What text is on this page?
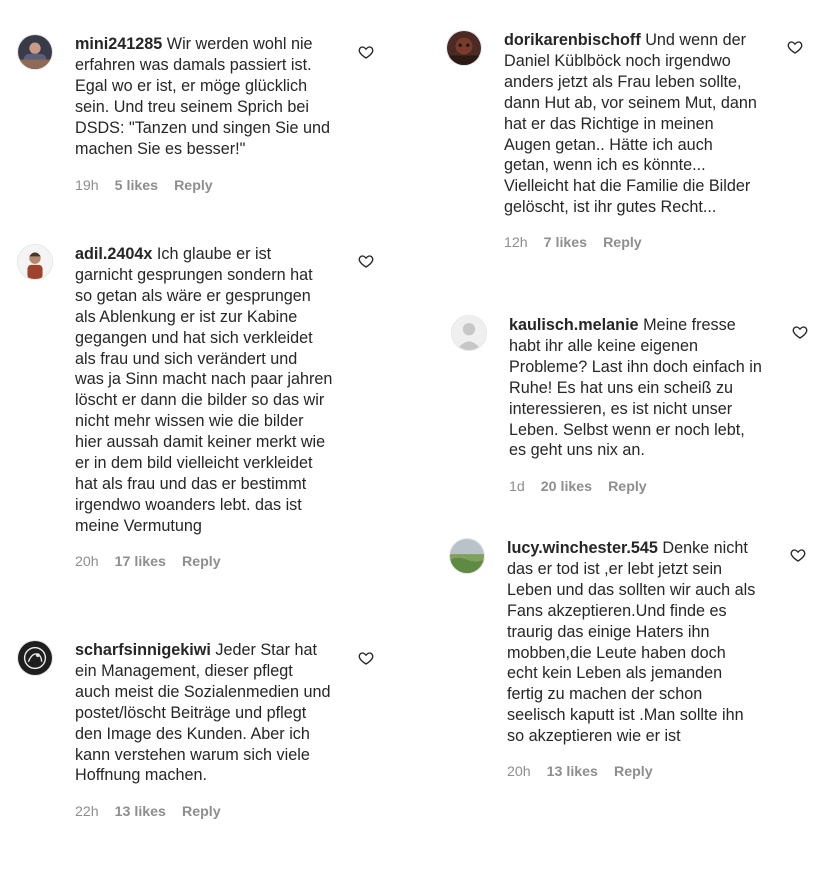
mini241285 Wir werden wohl nie
erfahren was damals passiert ist.
Egal wo er ist, er möge glücklich
sein. Und treu seinem Sprich bei
DSDS: "Tanzen und singen Sie und
machen Sie es besser!"
19h 5 likes Reply
adil.2404x Ich glaube er ist
garnicht gesprungen sondern hat
so getan als wäre er gesprungen
als Ablenkung er ist zur Kabine
gegangen und hat sich verkleidet
als frau und sich verändert und
was ja Sinn macht nach paar jahren
löscht er dann die bilder so das wir
nicht mehr wissen wie die bilder
hier aussah damit keiner merkt wie
er in dem bild vielleicht verkleidet
hat als frau und das er bestimmt
irgendwo woanders lebt. das ist
meine Vermutung
20h 17 likes Reply
scharfsinnigekiwi Jeder Star hat
ein Management, dieser pflegt
auch meist die Sozialenmedien und
postet/löscht Beiträge und pflegt
den Image des Kunden. Aber ich
kann verstehen warum sich viele
Hoffnung machen.
22h 13 likes Reply
dorikarenbischoff Und wenn der
Daniel Küblböck noch irgendwo
anders jetzt als Frau leben sollte,
dann Hut ab, vor seinem Mut, dann
hat er das Richtige in meinen
Augen getan.. Hätte ich auch
getan, wenn ich es könnte...
Vielleicht hat die Familie die Bilder
gelöscht, ist ihr gutes Recht...
12h 7 likes Reply
kaulisch.melanie Meine fresse
habt ihr alle keine eigenen
Probleme? Last ihn doch einfach in
Ruhe! Es hat uns ein scheiß zu
interessieren, es ist nicht unser
Leben. Selbst wenn er noch lebt,
es geht uns nix an.
1d 20 likes Reply
lucy.winchester.545 Denke nicht
das er tod ist ,er lebt jetzt sein
Leben und das sollten wir auch als
Fans akzeptieren.Und finde es
traurig das einige Haters ihn
mobben,die Leute haben doch
echt kein Leben als jemanden
fertig zu machen der schon
seelisch kaputt ist .Man sollte ihn
so akzeptieren wie er ist
20h 13 likes Reply
